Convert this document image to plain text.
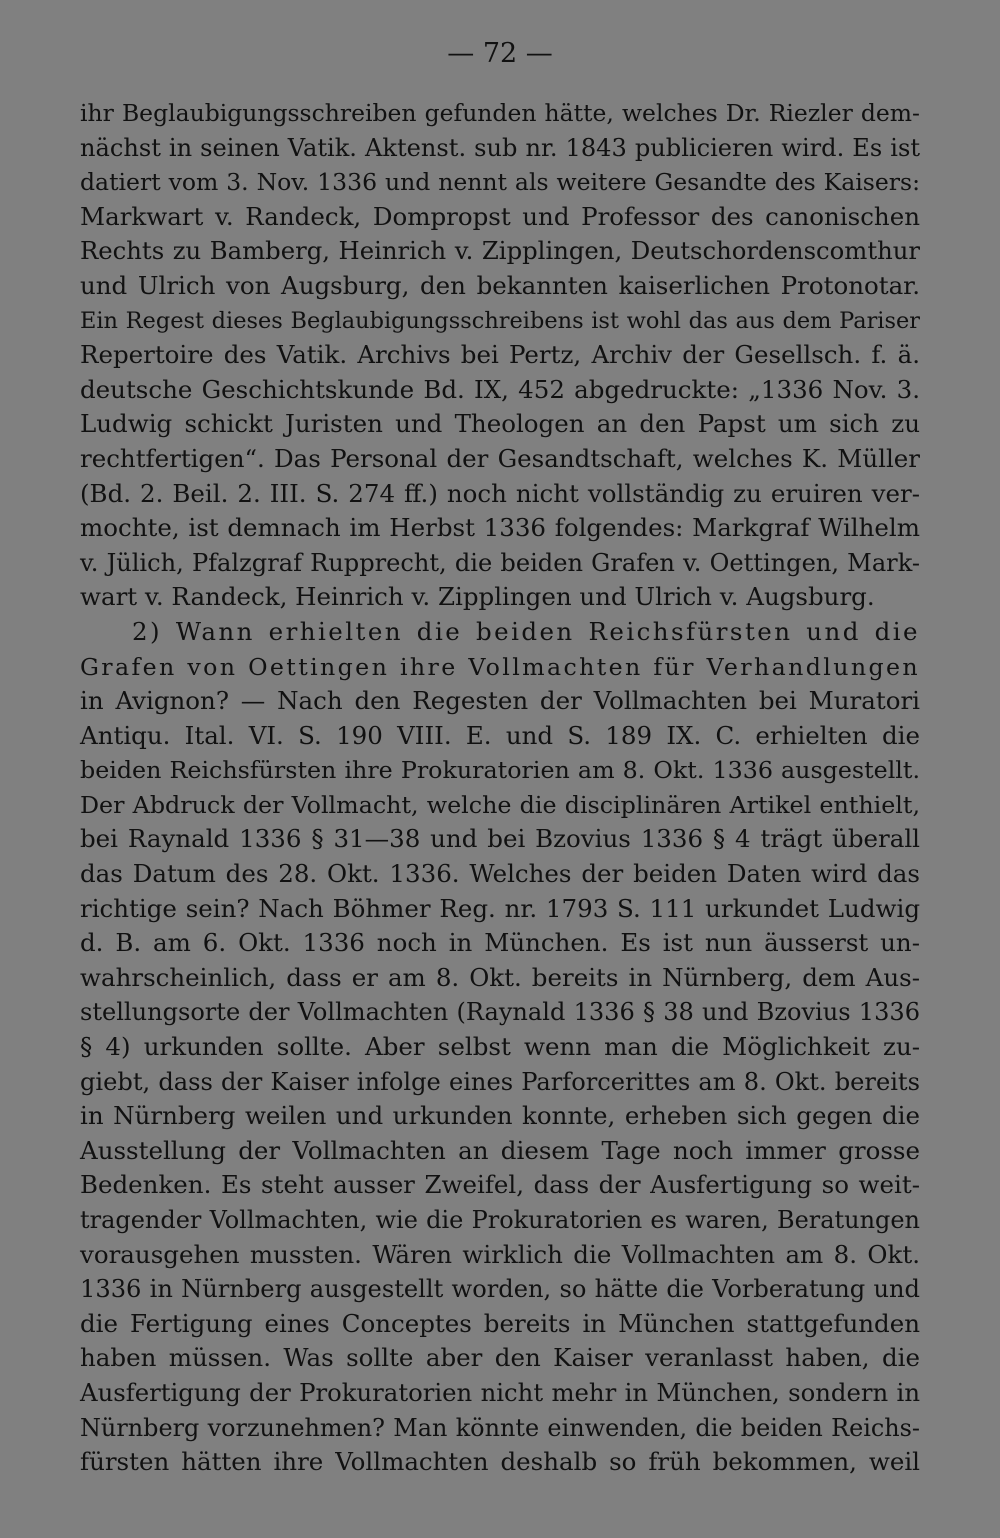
— 72 —
ihr Beglaubigungsschreiben gefunden hätte, welches Dr. Riezler dem-
nächst in seinen Vatik. Aktenst. sub nr. 1843 publicieren wird. Es ist
datiert vom 3. Nov. 1336 und nennt als weitere Gesandte des Kaisers:
Markwart v. Randeck, Dompropst und Professor des canonischen
Rechts zu Bamberg, Heinrich v. Zipplingen, Deutschordenscomthur
und Ulrich von Augsburg, den bekannten kaiserlichen Protonotar.
Ein Regest dieses Beglaubigungsschreibens ist wohl das aus dem Pariser
Repertoire des Vatik. Archivs bei Pertz, Archiv der Gesellsch. f. ä.
deutsche Geschichtskunde Bd. IX, 452 abgedruckte: „1336 Nov. 3.
Ludwig schickt Juristen und Theologen an den Papst um sich zu
rechtfertigen“. Das Personal der Gesandtschaft, welches K. Müller
(Bd. 2. Beil. 2. III. S. 274 ff.) noch nicht vollständig zu eruiren ver-
mochte, ist demnach im Herbst 1336 folgendes: Markgraf Wilhelm
v. Jülich, Pfalzgraf Rupprecht, die beiden Grafen v. Oettingen, Mark-
wart v. Randeck, Heinrich v. Zipplingen und Ulrich v. Augsburg.
2) Wann erhielten die beiden Reichsfürsten und die
Grafen von Oettingen ihre Vollmachten für Verhandlungen
in Avignon? — Nach den Regesten der Vollmachten bei Muratori
Antiqu. Ital. VI. S. 190 VIII. E. und S. 189 IX. C. erhielten die
beiden Reichsfürsten ihre Prokuratorien am 8. Okt. 1336 ausgestellt.
Der Abdruck der Vollmacht, welche die disciplinären Artikel enthielt,
bei Raynald 1336 § 31—38 und bei Bzovius 1336 § 4 trägt überall
das Datum des 28. Okt. 1336. Welches der beiden Daten wird das
richtige sein? Nach Böhmer Reg. nr. 1793 S. 111 urkundet Ludwig
d. B. am 6. Okt. 1336 noch in München. Es ist nun äusserst un-
wahrscheinlich, dass er am 8. Okt. bereits in Nürnberg, dem Aus-
stellungsorte der Vollmachten (Raynald 1336 § 38 und Bzovius 1336
§ 4) urkunden sollte. Aber selbst wenn man die Möglichkeit zu-
giebt, dass der Kaiser infolge eines Parforcerittes am 8. Okt. bereits
in Nürnberg weilen und urkunden konnte, erheben sich gegen die
Ausstellung der Vollmachten an diesem Tage noch immer grosse
Bedenken. Es steht ausser Zweifel, dass der Ausfertigung so weit-
tragender Vollmachten, wie die Prokuratorien es waren, Beratungen
vorausgehen mussten. Wären wirklich die Vollmachten am 8. Okt.
1336 in Nürnberg ausgestellt worden, so hätte die Vorberatung und
die Fertigung eines Conceptes bereits in München stattgefunden
haben müssen. Was sollte aber den Kaiser veranlasst haben, die
Ausfertigung der Prokuratorien nicht mehr in München, sondern in
Nürnberg vorzunehmen? Man könnte einwenden, die beiden Reichs-
fürsten hätten ihre Vollmachten deshalb so früh bekommen, weil
